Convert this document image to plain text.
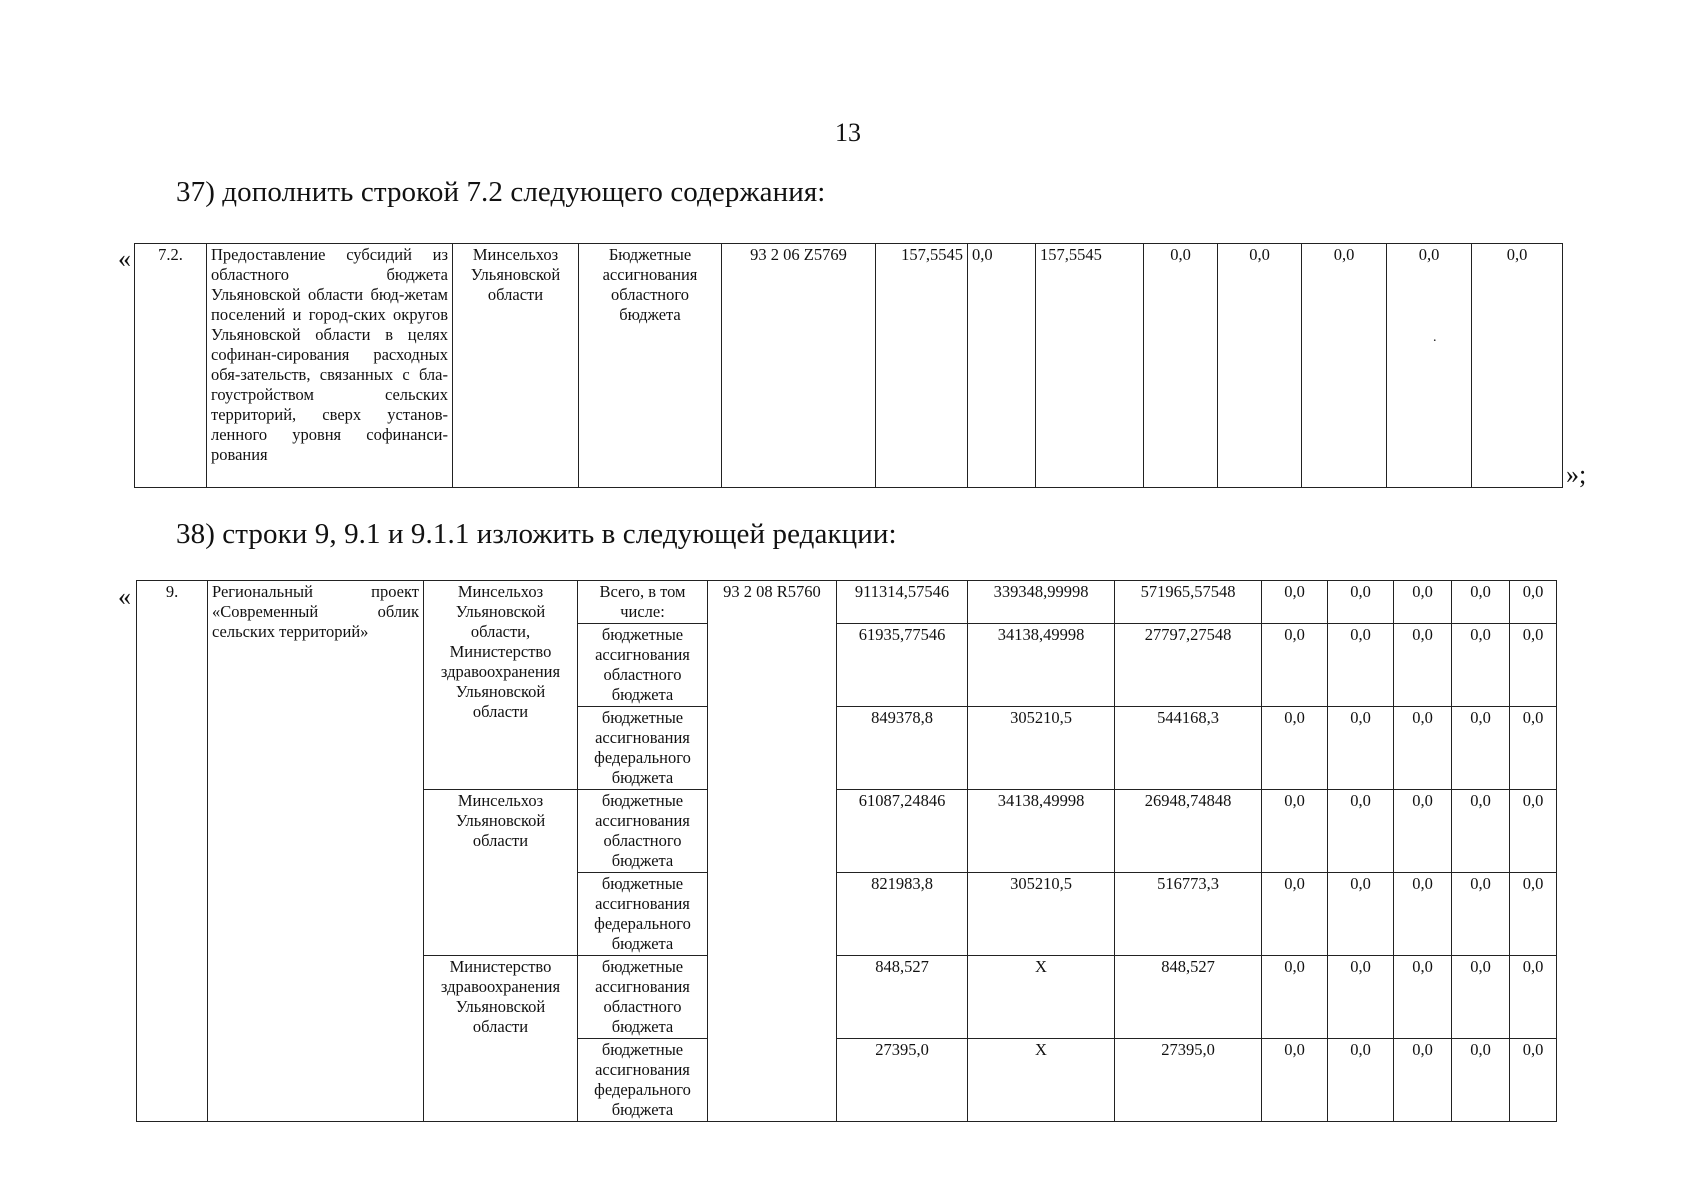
13
37) дополнить строкой 7.2 следующего содержания:
« 7.2.	Предоставление субсидий из областного бюджета Ульяновской области бюд-жетам поселений и город-ских округов Ульяновской области в целях софинан-сирования расходных обя-зательств, связанных с бла-гоустройством сельских территорий, сверх установ-ленного уровня софинанси-рования	Минсельхоз Ульяновской области	Бюджетные ассигнования областного бюджета	93 2 06 Z5769	157,5545	0,0	157,5545	0,0	0,0	0,0	0,0	0,0
.
»;
38) строки 9, 9.1 и 9.1.1 изложить в следующей редакции:
« 9.	Региональный проект «Современный облик сельских территорий»	Минсельхоз Ульяновской области, Министерство здравоохранения Ульяновской области	Всего, в том числе:	93 2 08 R5760	911314,57546	339348,99998	571965,57548	0,0	0,0	0,0	0,0	0,0
			бюджетные ассигнования областного бюджета		61935,77546	34138,49998	27797,27548	0,0	0,0	0,0	0,0	0,0
			бюджетные ассигнования федерального бюджета		849378,8	305210,5	544168,3	0,0	0,0	0,0	0,0	0,0
		Минсельхоз Ульяновской области	бюджетные ассигнования областного бюджета		61087,24846	34138,49998	26948,74848	0,0	0,0	0,0	0,0	0,0
			бюджетные ассигнования федерального бюджета		821983,8	305210,5	516773,3	0,0	0,0	0,0	0,0	0,0
		Министерство здравоохранения Ульяновской области	бюджетные ассигнования областного бюджета		848,527	X	848,527	0,0	0,0	0,0	0,0	0,0
			бюджетные ассигнования федерального бюджета		27395,0	X	27395,0	0,0	0,0	0,0	0,0	0,0
